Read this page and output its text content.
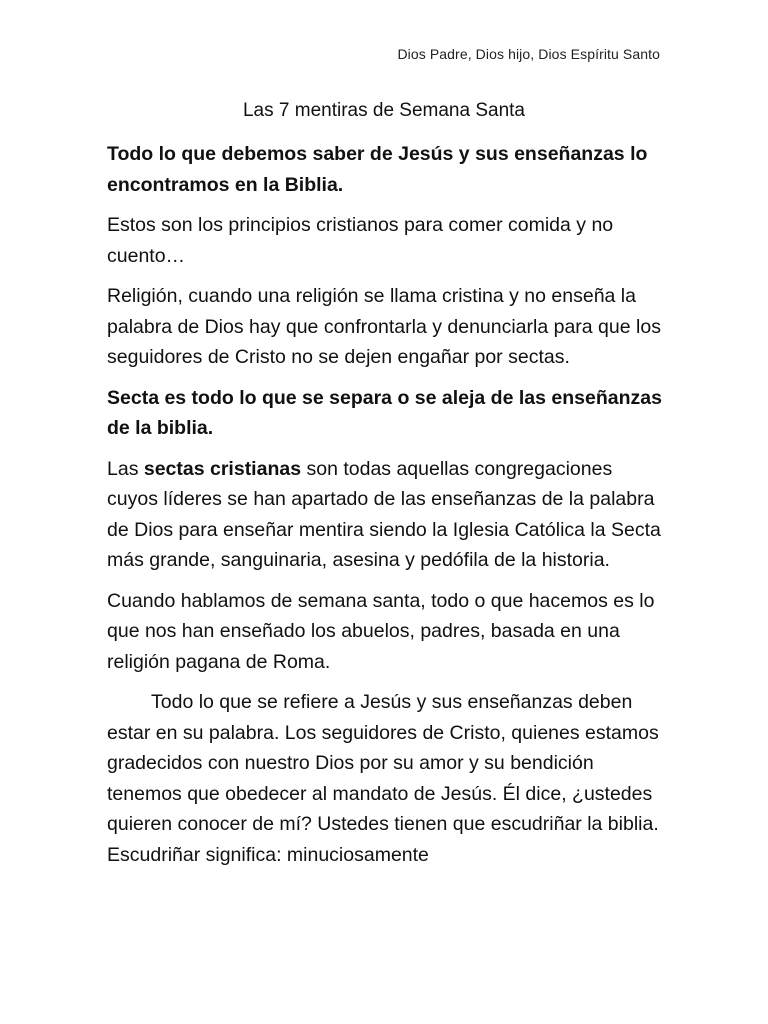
Dios Padre, Dios hijo, Dios Espíritu Santo
Las 7 mentiras de Semana Santa

Todo lo que debemos saber de Jesús y sus enseñanzas lo encontramos en la Biblia.

Estos son los principios cristianos para comer comida y no cuento…

Religión, cuando una religión se llama cristina y no enseña la palabra de Dios hay que confrontarla y denunciarla para que los seguidores de Cristo no se dejen engañar por sectas.

Secta es todo lo que se separa o se aleja de las enseñanzas de la biblia.

Las sectas cristianas son todas aquellas congregaciones cuyos líderes se han apartado de las enseñanzas de la palabra de Dios para enseñar mentira siendo la Iglesia Católica la Secta más grande, sanguinaria, asesina y pedófila de la historia.

Cuando hablamos de semana santa, todo o que hacemos es lo que nos han enseñado los abuelos, padres, basada en una religión pagana de Roma.

Todo lo que se refiere a Jesús y sus enseñanzas deben estar en su palabra. Los seguidores de Cristo, quienes estamos gradecidos con nuestro Dios por su amor y su bendición tenemos que obedecer al mandato de Jesús. Él dice, ¿ustedes quieren conocer de mí? Ustedes tienen que escudriñar la biblia. Escudriñar significa: minuciosamente
